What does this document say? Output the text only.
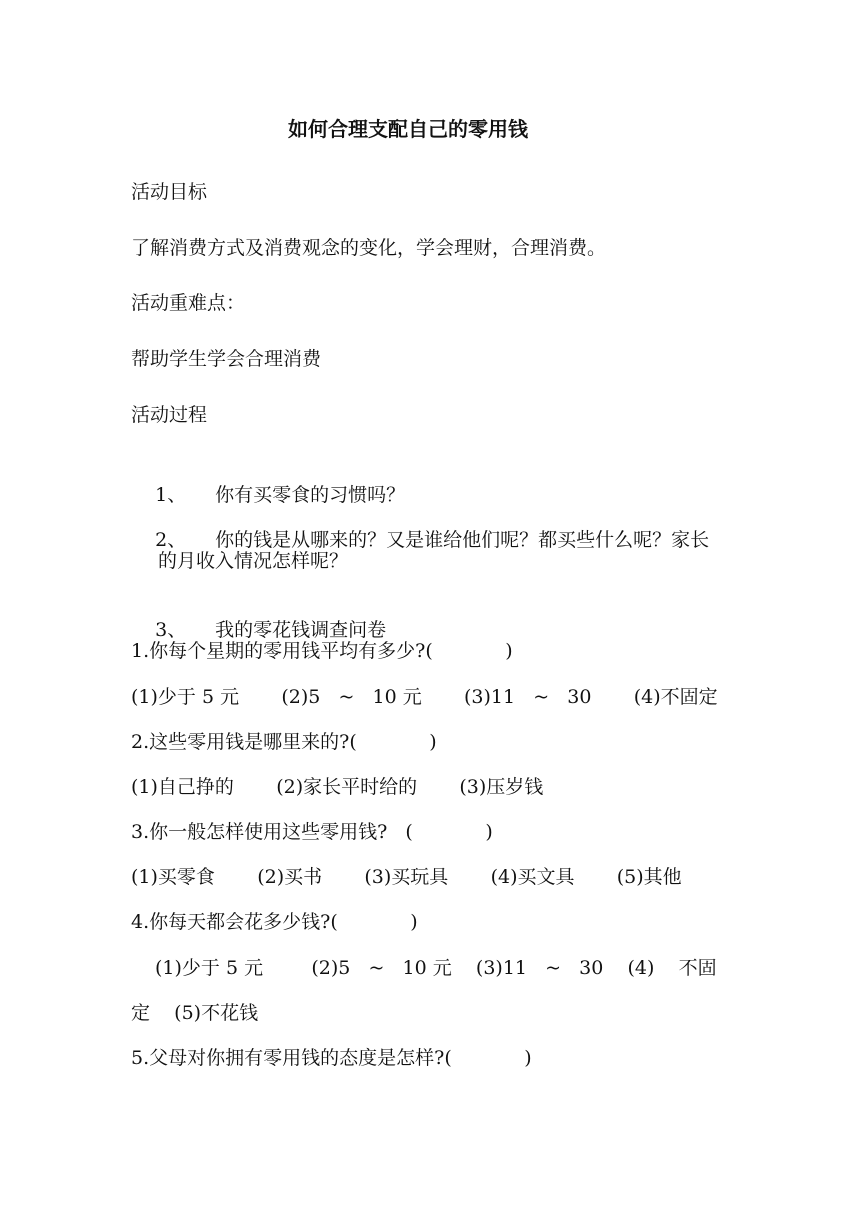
如何合理支配自己的零用钱
活动目标
了解消费方式及消费观念的变化，学会理财，合理消费。
活动重难点：
帮助学生学会合理消费
活动过程

1、 你有买零食的习惯吗？

2、 你的钱是从哪来的？又是谁给他们呢？都买些什么呢？家长

的月收入情况怎样呢？

3、 我的零花钱调查问卷

1.你每个星期的零用钱平均有多少?(            )
(1)少于 5 元       (2)5   ~   10 元       (3)11   ~   30       (4)不固定
2.这些零用钱是哪里来的?(            )
(1)自己挣的       (2)家长平时给的       (3)压岁钱
3.你一般怎样使用这些零用钱?   (            )
(1)买零食       (2)买书       (3)买玩具       (4)买文具       (5)其他
4.你每天都会花多少钱?(            )
(1)少于 5 元        (2)5   ~   10 元    (3)11   ~   30    (4)    不固
定    (5)不花钱
5.父母对你拥有零用钱的态度是怎样?(            )
